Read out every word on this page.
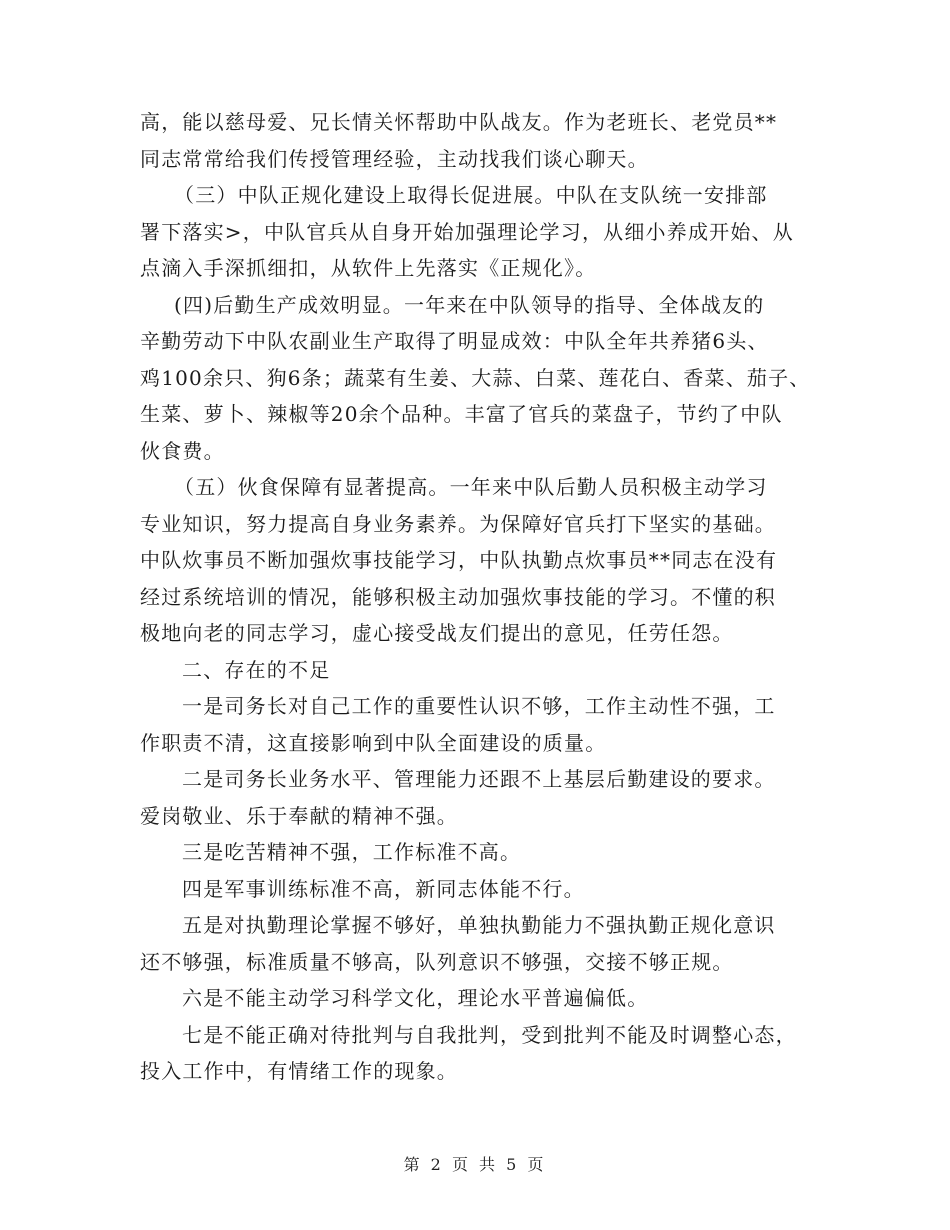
高，能以慈母爱、兄长情关怀帮助中队战友。作为老班长、老党员**
同志常常给我们传授管理经验，主动找我们谈心聊天。
（三）中队正规化建设上取得长促进展。中队在支队统一安排部
署下落实>，中队官兵从自身开始加强理论学习，从细小养成开始、从
点滴入手深抓细扣，从软件上先落实《正规化》。
(四)后勤生产成效明显。一年来在中队领导的指导、全体战友的
辛勤劳动下中队农副业生产取得了明显成效：中队全年共养猪6头、
鸡100余只、狗6条；蔬菜有生姜、大蒜、白菜、莲花白、香菜、茄子、
生菜、萝卜、辣椒等20余个品种。丰富了官兵的菜盘子，节约了中队
伙食费。
（五）伙食保障有显著提高。一年来中队后勤人员积极主动学习
专业知识，努力提高自身业务素养。为保障好官兵打下坚实的基础。
中队炊事员不断加强炊事技能学习，中队执勤点炊事员**同志在没有
经过系统培训的情况，能够积极主动加强炊事技能的学习。不懂的积
极地向老的同志学习，虚心接受战友们提出的意见，任劳任怨。
二、存在的不足
一是司务长对自己工作的重要性认识不够，工作主动性不强，工
作职责不清，这直接影响到中队全面建设的质量。
二是司务长业务水平、管理能力还跟不上基层后勤建设的要求。
爱岗敬业、乐于奉献的精神不强。
三是吃苦精神不强，工作标准不高。
四是军事训练标准不高，新同志体能不行。
五是对执勤理论掌握不够好，单独执勤能力不强执勤正规化意识
还不够强，标准质量不够高，队列意识不够强，交接不够正规。
六是不能主动学习科学文化，理论水平普遍偏低。
七是不能正确对待批判与自我批判，受到批判不能及时调整心态，
投入工作中，有情绪工作的现象。
第 2 页 共 5 页
